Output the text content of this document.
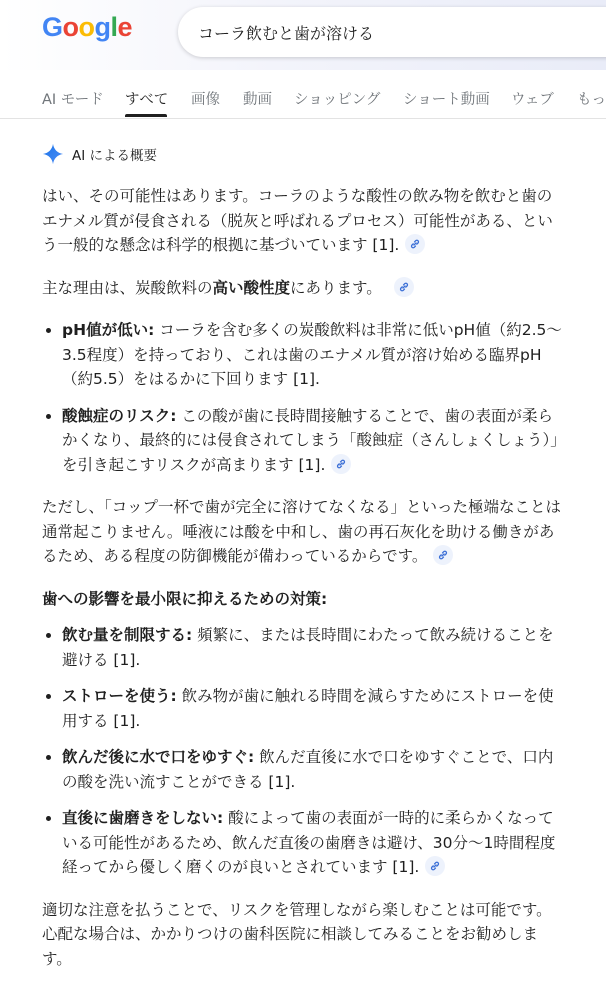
Google	コーラ飲むと歯が溶ける
AI モード すべて 画像 動画 ショッピング ショート動画 ウェブ もっ
AI による概要

はい、その可能性はあります。コーラのような酸性の飲み物を飲むと歯のエナメル質が侵食される（脱灰と呼ばれるプロセス）可能性がある、という一般的な懸念は科学的根拠に基づいています [1].

主な理由は、炭酸飲料の高い酸性度にあります。

• pH値が低い: コーラを含む多くの炭酸飲料は非常に低いpH値（約2.5〜3.5程度）を持っており、これは歯のエナメル質が溶け始める臨界pH（約5.5）をはるかに下回ります [1].
• 酸蝕症のリスク: この酸が歯に長時間接触することで、歯の表面が柔らかくなり、最終的には侵食されてしまう「酸蝕症（さんしょくしょう）」を引き起こすリスクが高まります [1].

ただし、「コップ一杯で歯が完全に溶けてなくなる」といった極端なことは通常起こりません。唾液には酸を中和し、歯の再石灰化を助ける働きがあるため、ある程度の防御機能が備わっているからです。

歯への影響を最小限に抑えるための対策:
• 飲む量を制限する: 頻繁に、または長時間にわたって飲み続けることを避ける [1].
• ストローを使う: 飲み物が歯に触れる時間を減らすためにストローを使用する [1].
• 飲んだ後に水で口をゆすぐ: 飲んだ直後に水で口をゆすぐことで、口内の酸を洗い流すことができる [1].
• 直後に歯磨きをしない: 酸によって歯の表面が一時的に柔らかくなっている可能性があるため、飲んだ直後の歯磨きは避け、30分〜1時間程度経ってから優しく磨くのが良いとされています [1].

適切な注意を払うことで、リスクを管理しながら楽しむことは可能です。心配な場合は、かかりつけの歯科医院に相談してみることをお勧めします。
